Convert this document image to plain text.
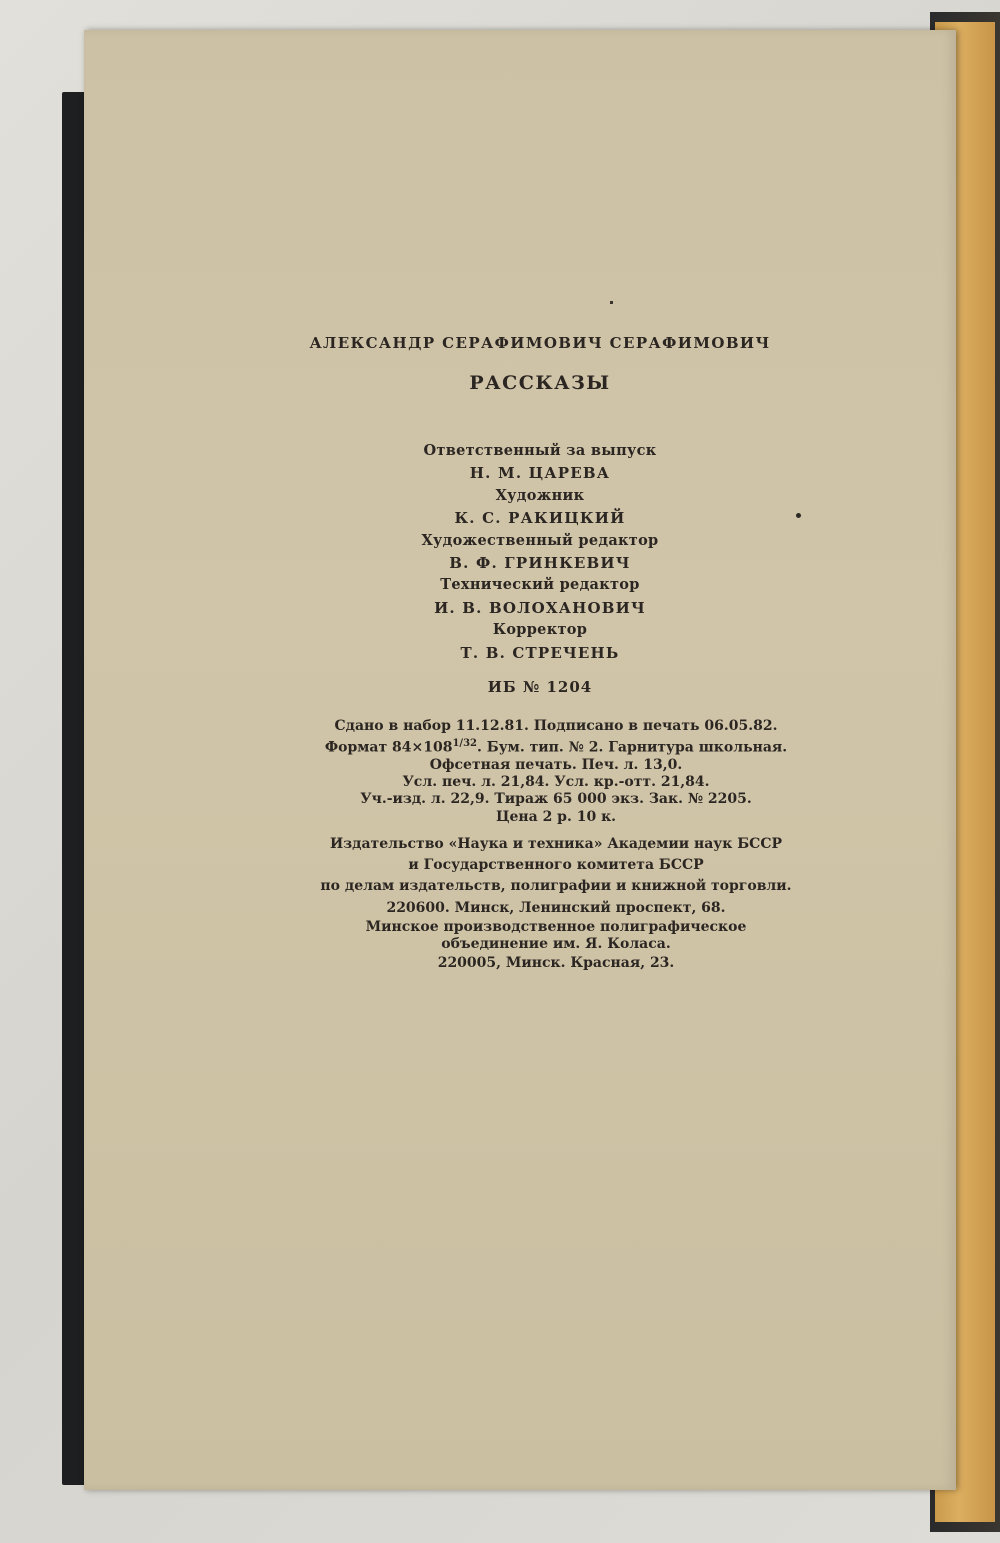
АЛЕКСАНДР СЕРАФИМОВИЧ СЕРАФИМОВИЧ
РАССКАЗЫ
Ответственный за выпуск
Н. М. ЦАРЕВА
Художник
К. С. РАКИЦКИЙ
Художественный редактор
В. Ф. ГРИНКЕВИЧ
Технический редактор
И. В. ВОЛОХАНОВИЧ
Корректор
Т. В. СТРЕЧЕНЬ
ИБ № 1204
Сдано в набор 11.12.81. Подписано в печать 06.05.82.
Формат $84\times 108^{1/32}$. Бум. тип. № 2. Гарнитура школьная.
Офсетная печать. Печ. л. 13,0.
Усл. печ. л. 21,84. Усл. кр.-отт. 21,84.
Уч.-изд. л. 22,9. Тираж 65 000 экз. Зак. № 2205.
Цена 2 р. 10 к.
Издательство «Наука и техника» Академии наук БССР
и Государственного комитета БССР
по делам издательств, полиграфии и книжной торговли.
220600. Минск, Ленинский проспект, 68.
Минское производственное полиграфическое
объединение им. Я. Коласа.
220005, Минск. Красная, 23.
